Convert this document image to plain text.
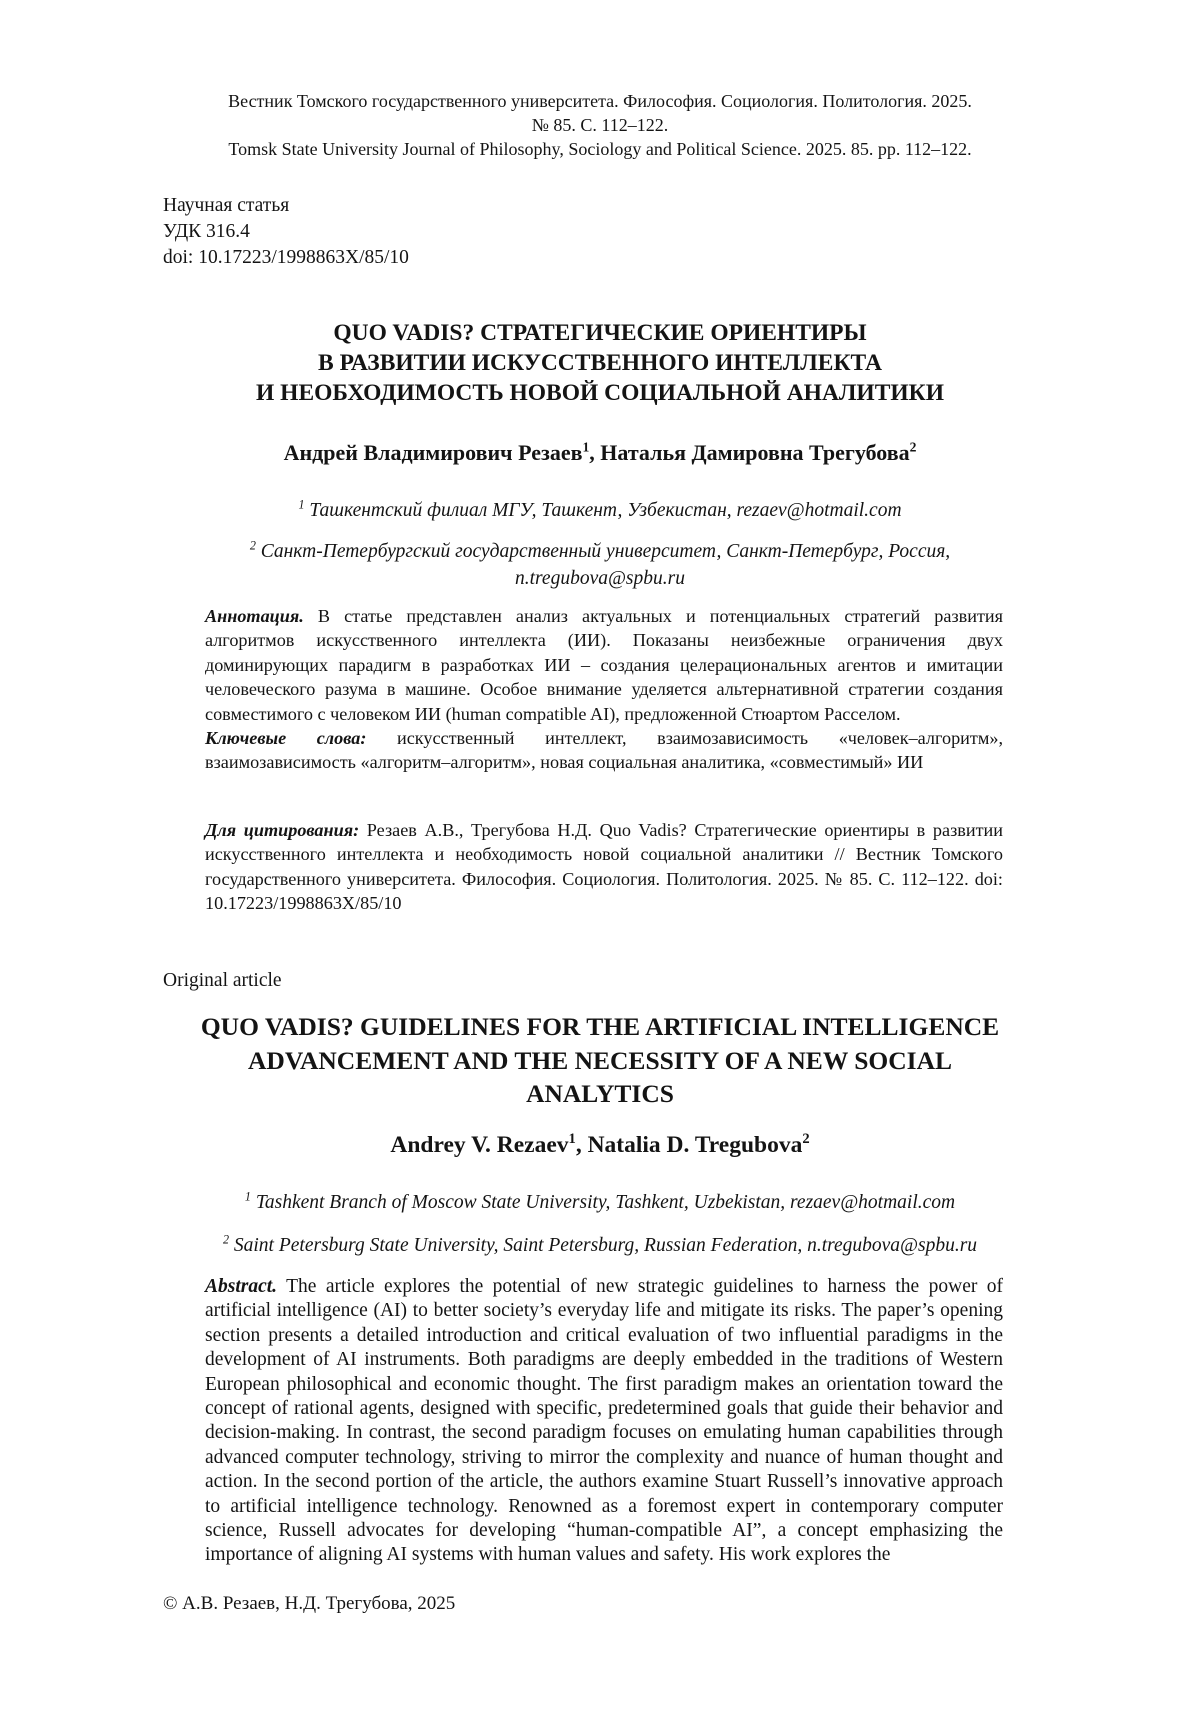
Вестник Томского государственного университета. Философия. Социология. Политология. 2025.
№ 85. С. 112–122.
Tomsk State University Journal of Philosophy, Sociology and Political Science. 2025. 85. pp. 112–122.
Научная статья
УДК 316.4
doi: 10.17223/1998863X/85/10
QUO VADIS? СТРАТЕГИЧЕСКИЕ ОРИЕНТИРЫ
В РАЗВИТИИ ИСКУССТВЕННОГО ИНТЕЛЛЕКТА
И НЕОБХОДИМОСТЬ НОВОЙ СОЦИАЛЬНОЙ АНАЛИТИКИ
Андрей Владимирович Резаев$^1$, Наталья Дамировна Трегубова$^2$
$^1$ Ташкентский филиал МГУ, Ташкент, Узбекистан, rezaev@hotmail.com
$^2$ Санкт-Петербургский государственный университет, Санкт-Петербург, Россия,
n.tregubova@spbu.ru

Аннотация. В статье представлен анализ актуальных и потенциальных стратегий развития алгоритмов искусственного интеллекта (ИИ). Показаны неизбежные ограничения двух доминирующих парадигм в разработках ИИ – создания целерациональных агентов и имитации человеческого разума в машине. Особое внимание уделяется альтернативной стратегии создания совместимого с человеком ИИ (human compatible AI), предложенной Стюартом Расселом.

Ключевые слова: искусственный интеллект, взаимозависимость «человек–алгоритм», взаимозависимость «алгоритм–алгоритм», новая социальная аналитика, «совместимый» ИИ

Для цитирования: Резаев А.В., Трегубова Н.Д. Quo Vadis? Стратегические ориентиры в развитии искусственного интеллекта и необходимость новой социальной аналитики // Вестник Томского государственного университета. Философия. Социология. Политология. 2025. № 85. С. 112–122. doi: 10.17223/1998863X/85/10

Original article
QUO VADIS? GUIDELINES FOR THE ARTIFICIAL INTELLIGENCE
ADVANCEMENT AND THE NECESSITY OF A NEW SOCIAL
ANALYTICS
Andrey V. Rezaev$^1$, Natalia D. Tregubova$^2$
$^1$ Tashkent Branch of Moscow State University, Tashkent, Uzbekistan, rezaev@hotmail.com
$^2$ Saint Petersburg State University, Saint Petersburg, Russian Federation, n.tregubova@spbu.ru

Abstract. The article explores the potential of new strategic guidelines to harness the power of artificial intelligence (AI) to better society’s everyday life and mitigate its risks. The paper’s opening section presents a detailed introduction and critical evaluation of two influential paradigms in the development of AI instruments. Both paradigms are deeply embedded in the traditions of Western European philosophical and economic thought. The first paradigm makes an orientation toward the concept of rational agents, designed with specific, predetermined goals that guide their behavior and decision-making. In contrast, the second paradigm focuses on emulating human capabilities through advanced computer technology, striving to mirror the complexity and nuance of human thought and action. In the second portion of the article, the authors examine Stuart Russell’s innovative approach to artificial intelligence technology. Renowned as a foremost expert in contemporary computer science, Russell advocates for developing “human-compatible AI”, a concept emphasizing the importance of aligning AI systems with human values and safety. His work explores the

© А.В. Резаев, Н.Д. Трегубова, 2025
